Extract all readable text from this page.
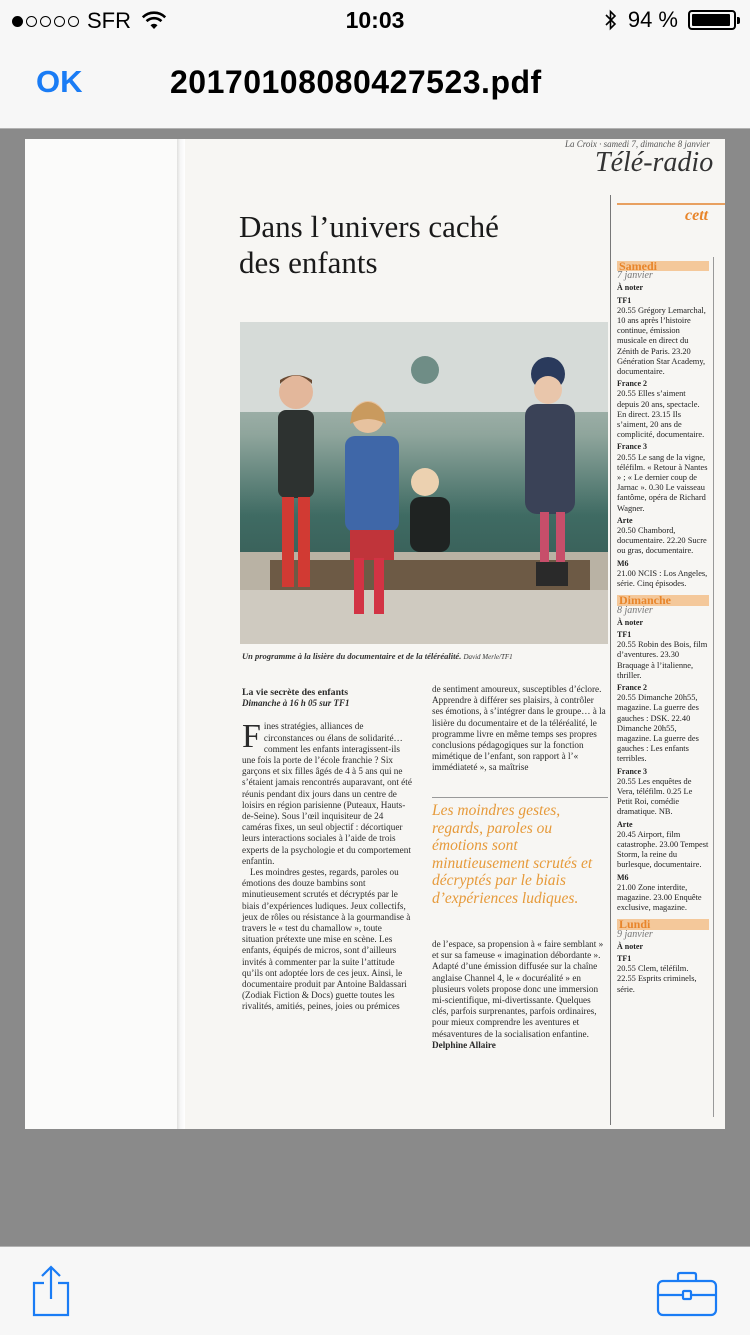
SFR	10:03	94 %
OK	20170108080427523.pdf
La Croix · samedi 7, dimanche 8 janvier
Télé-radio
Dans l’univers caché
des enfants
Un programme à la lisière du documentaire et de la téléréalité. David Merle/TF1
La vie secrète des enfants
Dimanche à 16 h 05 sur TF1
F ines stratégies, alliances de circonstances ou élans de solidarité… comment les enfants interagissent-ils une fois la porte de l’école franchie ? Six garçons et six filles âgés de 4 à 5 ans qui ne s’étaient jamais rencontrés auparavant, ont été réunis pendant dix jours dans un centre de loisirs en région parisienne (Puteaux, Hauts-de-Seine). Sous l’œil inquisiteur de 24 caméras fixes, un seul objectif : décortiquer leurs interactions sociales à l’aide de trois experts de la psychologie et du comportement enfantin.
Les moindres gestes, regards, paroles ou émotions des douze bambins sont minutieusement scrutés et décryptés par le biais d’expériences ludiques. Jeux collectifs, jeux de rôles ou résistance à la gourmandise à travers le « test du chamallow », toute situation prétexte une mise en scène. Les enfants, équipés de micros, sont d’ailleurs invités à commenter par la suite l’attitude qu’ils ont adoptée lors de ces jeux. Ainsi, le documentaire produit par Antoine Baldassari (Zodiak Fiction & Docs) guette toutes les rivalités, amitiés, peines, joies ou prémices
de sentiment amoureux, susceptibles d’éclore. Apprendre à différer ses plaisirs, à contrôler ses émotions, à s’intégrer dans le groupe… à la lisière du documentaire et de la téléréalité, le programme livre en même temps ses propres conclusions pédagogiques sur la fonction mimétique de l’enfant, son rapport à l’« immédiateté », sa maîtrise
Les moindres gestes, regards, paroles ou émotions sont minutieusement scrutés et décryptés par le biais d’expériences ludiques.
de l’espace, sa propension à « faire semblant » et sur sa fameuse « imagination débordante ». Adapté d’une émission diffusée sur la chaîne anglaise Channel 4, le « docuréalité » en plusieurs volets propose donc une immersion mi-scientifique, mi-divertissante. Quelques clés, parfois surprenantes, parfois ordinaires, pour mieux comprendre les aventures et mésaventures de la socialisation enfantine.
Delphine Allaire
cett
Samedi
7 janvier
À noter
TF1
20.55 Grégory Lemarchal, 10 ans après l’histoire continue, émission musicale en direct du Zénith de Paris. 23.20 Génération Star Academy, documentaire.
France 2
20.55 Elles s’aiment depuis 20 ans, spectacle. En direct. 23.15 Ils s’aiment, 20 ans de complicité, documentaire.
France 3
20.55 Le sang de la vigne, téléfilm. « Retour à Nantes » ; « Le dernier coup de Jarnac ». 0.30 Le vaisseau fantôme, opéra de Richard Wagner.
Arte
20.50 Chambord, documentaire. 22.20 Sucre ou gras, documentaire.
M6
21.00 NCIS : Los Angeles, série. Cinq épisodes.
Dimanche
8 janvier
À noter
TF1
20.55 Robin des Bois, film d’aventures. 23.30 Braquage à l’italienne, thriller.
France 2
20.55 Dimanche 20h55, magazine. La guerre des gauches : DSK. 22.40 Dimanche 20h55, magazine. La guerre des gauches : Les enfants terribles.
France 3
20.55 Les enquêtes de Vera, téléfilm. 0.25 Le Petit Roi, comédie dramatique. NB.
Arte
20.45 Airport, film catastrophe. 23.00 Tempest Storm, la reine du burlesque, documentaire.
M6
21.00 Zone interdite, magazine. 23.00 Enquête exclusive, magazine.
Lundi
9 janvier
À noter
TF1
20.55 Clem, téléfilm. 22.55 Esprits criminels, série.
